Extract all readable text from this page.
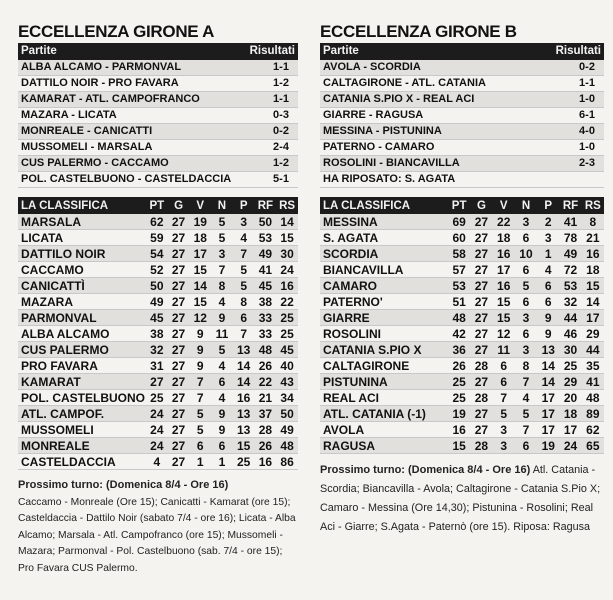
ECCELLENZA GIRONE A
Partite	Risultati
ALBA ALCAMO - PARMONVAL	1-1
DATTILO NOIR - PRO FAVARA	1-2
KAMARAT - ATL. CAMPOFRANCO	1-1
MAZARA - LICATA	0-3
MONREALE - CANICATTI	0-2
MUSSOMELI - MARSALA	2-4
CUS PALERMO - CACCAMO	1-2
POL. CASTELBUONO - CASTELDACCIA	5-1
LA CLASSIFICA	PT	G	V	N	P	RF	RS
MARSALA	62	27	19	5	3	50	14
LICATA	59	27	18	5	4	53	15
DATTILO NOIR	54	27	17	3	7	49	30
CACCAMO	52	27	15	7	5	41	24
CANICATTÌ	50	27	14	8	5	45	16
MAZARA	49	27	15	4	8	38	22
PARMONVAL	45	27	12	9	6	33	25
ALBA ALCAMO	38	27	9	11	7	33	25
CUS PALERMO	32	27	9	5	13	48	45
PRO FAVARA	31	27	9	4	14	26	40
KAMARAT	27	27	7	6	14	22	43
POL. CASTELBUONO	25	27	7	4	16	21	34
ATL. CAMPOF.	24	27	5	9	13	37	50
MUSSOMELI	24	27	5	9	13	28	49
MONREALE	24	27	6	6	15	26	48
CASTELDACCIA	4	27	1	1	25	16	86
Prossimo turno: (Domenica 8/4 - Ore 16)
Caccamo - Monreale (Ore 15); Canicatti - Kamarat (ore 15); Casteldaccia - Dattilo Noir (sabato 7/4 - ore 16); Licata - Alba Alcamo; Marsala - Atl. Campofranco (ore 15); Mussomeli - Mazara; Parmonval - Pol. Castelbuono (sab. 7/4 - ore 15); Pro Favara CUS Palermo.
ECCELLENZA GIRONE B
Partite	Risultati
AVOLA - SCORDIA	0-2
CALTAGIRONE - ATL. CATANIA	1-1
CATANIA S.PIO X - REAL ACI	1-0
GIARRE - RAGUSA	6-1
MESSINA - PISTUNINA	4-0
PATERNO - CAMARO	1-0
ROSOLINI - BIANCAVILLA	2-3
HA RIPOSATO: S. AGATA
LA CLASSIFICA	PT	G	V	N	P	RF	RS
MESSINA	69	27	22	3	2	41	8
S. AGATA	60	27	18	6	3	78	21
SCORDIA	58	27	16	10	1	49	16
BIANCAVILLA	57	27	17	6	4	72	18
CAMARO	53	27	16	5	6	53	15
PATERNO'	51	27	15	6	6	32	14
GIARRE	48	27	15	3	9	44	17
ROSOLINI	42	27	12	6	9	46	29
CATANIA S.PIO X	36	27	11	3	13	30	44
CALTAGIRONE	26	28	6	8	14	25	35
PISTUNINA	25	27	6	7	14	29	41
REAL ACI	25	28	7	4	17	20	48
ATL. CATANIA (-1)	19	27	5	5	17	18	89
AVOLA	16	27	3	7	17	17	62
RAGUSA	15	28	3	6	19	24	65
Prossimo turno: (Domenica 8/4 - Ore 16) Atl. Catania - Scordia; Biancavilla - Avola; Caltagirone - Catania S.Pio X; Camaro - Messina (Ore 14,30); Pistunina - Rosolini; Real Aci - Giarre; S.Agata - Paternò (ore 15). Riposa: Ragusa
